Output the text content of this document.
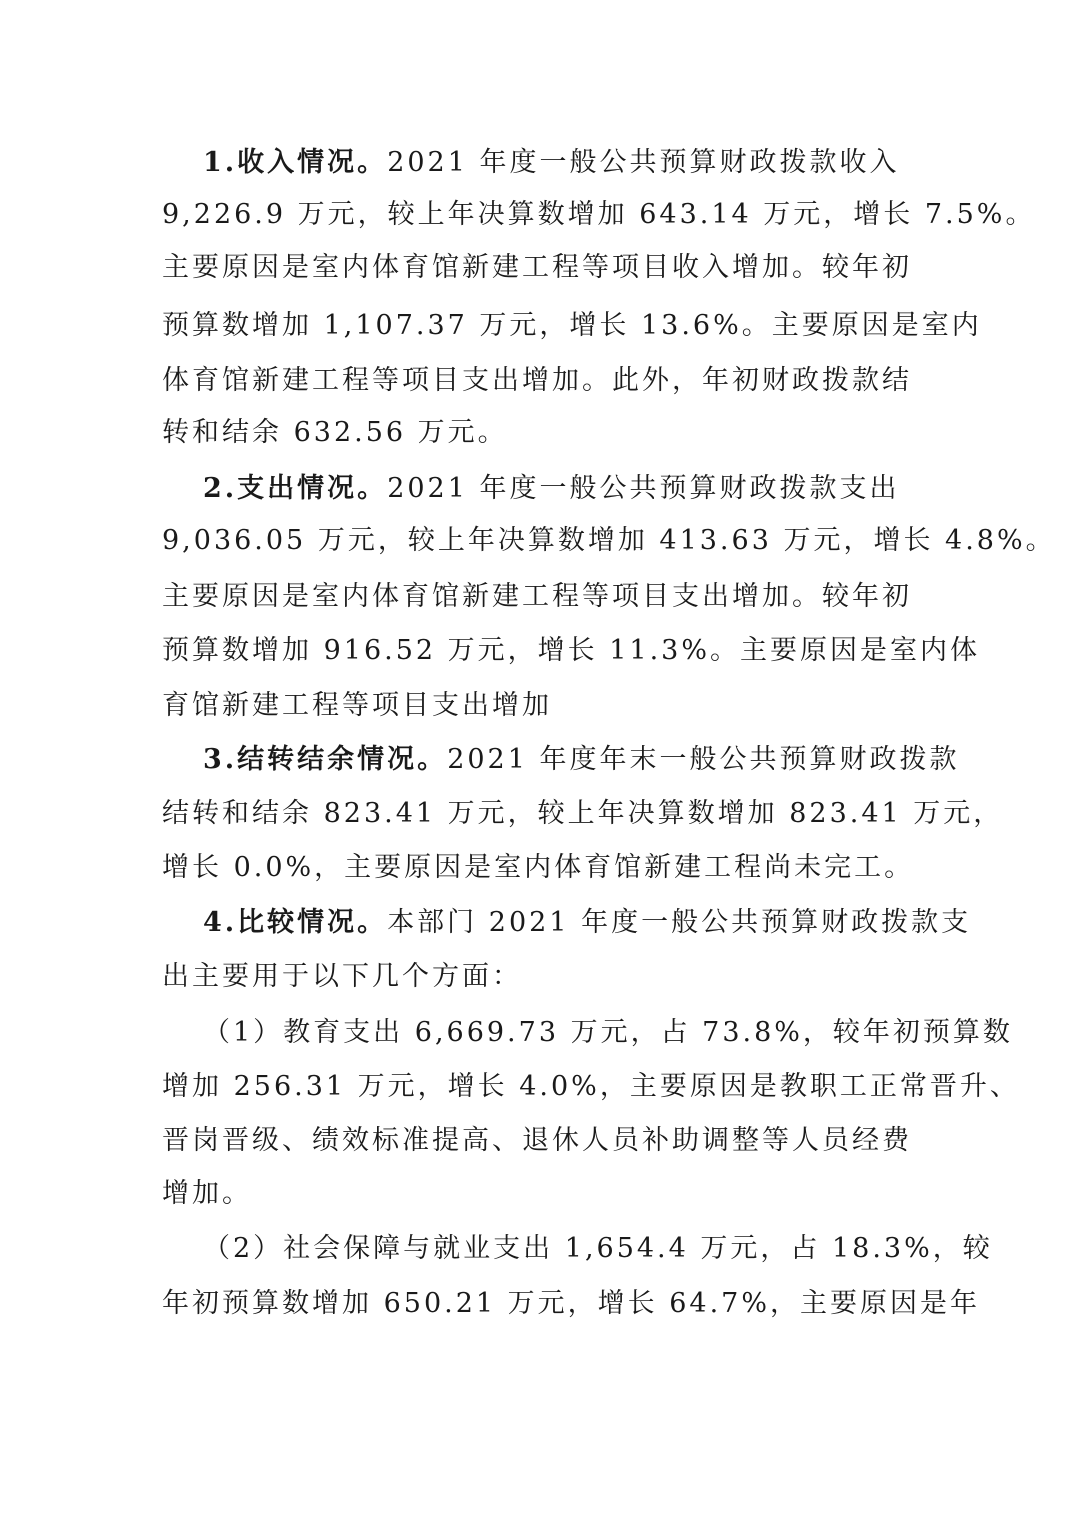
1.收入情况。2021 年度一般公共预算财政拨款收入
9,226.9 万元，较上年决算数增加 643.14 万元，增长 7.5%。
主要原因是室内体育馆新建工程等项目收入增加。较年初
预算数增加 1,107.37 万元，增长 13.6%。主要原因是室内
体育馆新建工程等项目支出增加。此外，年初财政拨款结
转和结余 632.56 万元。
2.支出情况。2021 年度一般公共预算财政拨款支出
9,036.05 万元，较上年决算数增加 413.63 万元，增长 4.8%。
主要原因是室内体育馆新建工程等项目支出增加。较年初
预算数增加 916.52 万元，增长 11.3%。主要原因是室内体
育馆新建工程等项目支出增加
3.结转结余情况。2021 年度年末一般公共预算财政拨款
结转和结余 823.41 万元，较上年决算数增加 823.41 万元，
增长 0.0%，主要原因是室内体育馆新建工程尚未完工。
4.比较情况。本部门 2021 年度一般公共预算财政拨款支
出主要用于以下几个方面：
（1）教育支出 6,669.73 万元，占 73.8%，较年初预算数
增加 256.31 万元，增长 4.0%，主要原因是教职工正常晋升、
晋岗晋级、绩效标准提高、退休人员补助调整等人员经费
增加。
（2）社会保障与就业支出 1,654.4 万元，占 18.3%，较
年初预算数增加 650.21 万元，增长 64.7%，主要原因是年
